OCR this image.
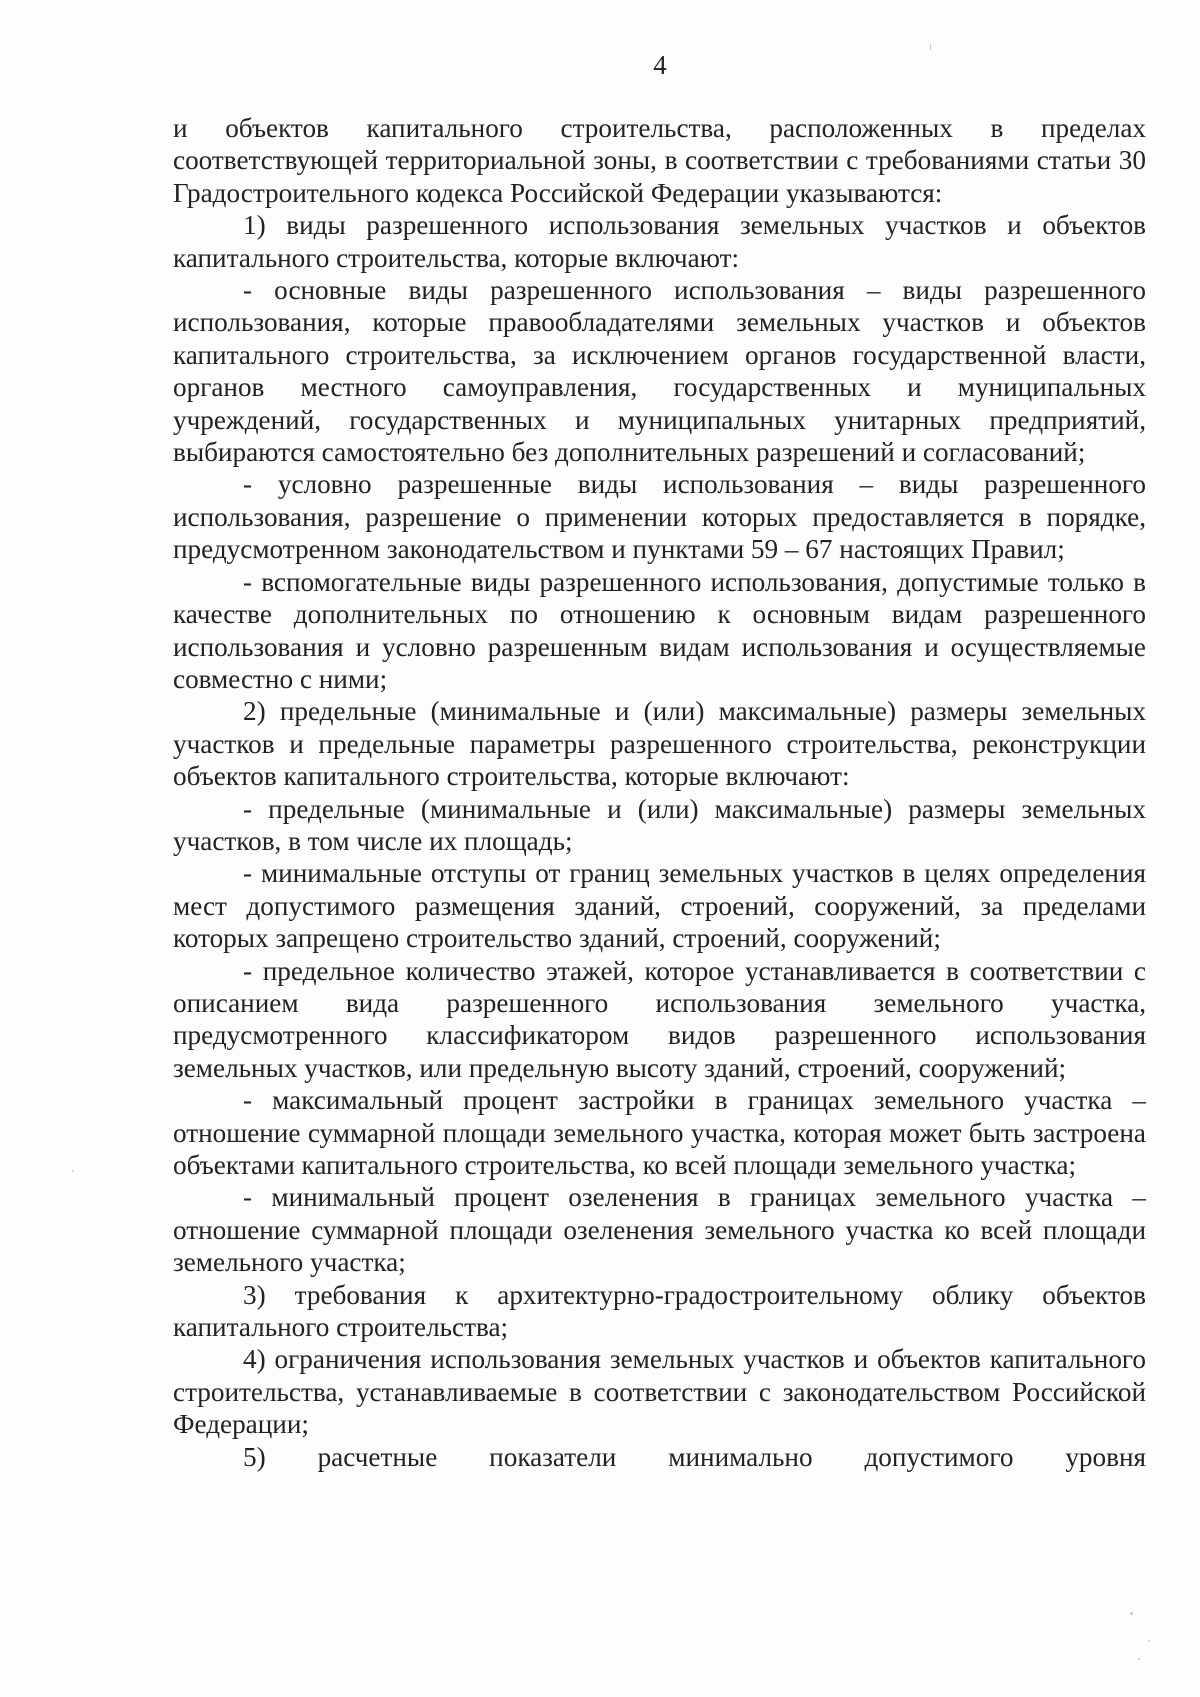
4

и объектов капитального строительства, расположенных в пределах соответствующей территориальной зоны, в соответствии с требованиями статьи 30 Градостроительного кодекса Российской Федерации указываются:

1) виды разрешенного использования земельных участков и объектов капитального строительства, которые включают:

- основные виды разрешенного использования – виды разрешенного использования, которые правообладателями земельных участков и объектов капитального строительства, за исключением органов государственной власти, органов местного самоуправления, государственных и муниципальных учреждений, государственных и муниципальных унитарных предприятий, выбираются самостоятельно без дополнительных разрешений и согласований;

- условно разрешенные виды использования – виды разрешенного использования, разрешение о применении которых предоставляется в порядке, предусмотренном законодательством и пунктами 59 – 67 настоящих Правил;

- вспомогательные виды разрешенного использования, допустимые только в качестве дополнительных по отношению к основным видам разрешенного использования и условно разрешенным видам использования и осуществляемые совместно с ними;

2) предельные (минимальные и (или) максимальные) размеры земельных участков и предельные параметры разрешенного строительства, реконструкции объектов капитального строительства, которые включают:

- предельные (минимальные и (или) максимальные) размеры земельных участков, в том числе их площадь;

- минимальные отступы от границ земельных участков в целях определения мест допустимого размещения зданий, строений, сооружений, за пределами которых запрещено строительство зданий, строений, сооружений;

- предельное количество этажей, которое устанавливается в соответствии с описанием вида разрешенного использования земельного участка, предусмотренного классификатором видов разрешенного использования земельных участков, или предельную высоту зданий, строений, сооружений;

- максимальный процент застройки в границах земельного участка – отношение суммарной площади земельного участка, которая может быть застроена объектами капитального строительства, ко всей площади земельного участка;

- минимальный процент озеленения в границах земельного участка – отношение суммарной площади озеленения земельного участка ко всей площади земельного участка;

3) требования к архитектурно-градостроительному облику объектов капитального строительства;

4) ограничения использования земельных участков и объектов капитального строительства, устанавливаемые в соответствии с законодательством Российской Федерации;

5) расчетные показатели минимально допустимого уровня
